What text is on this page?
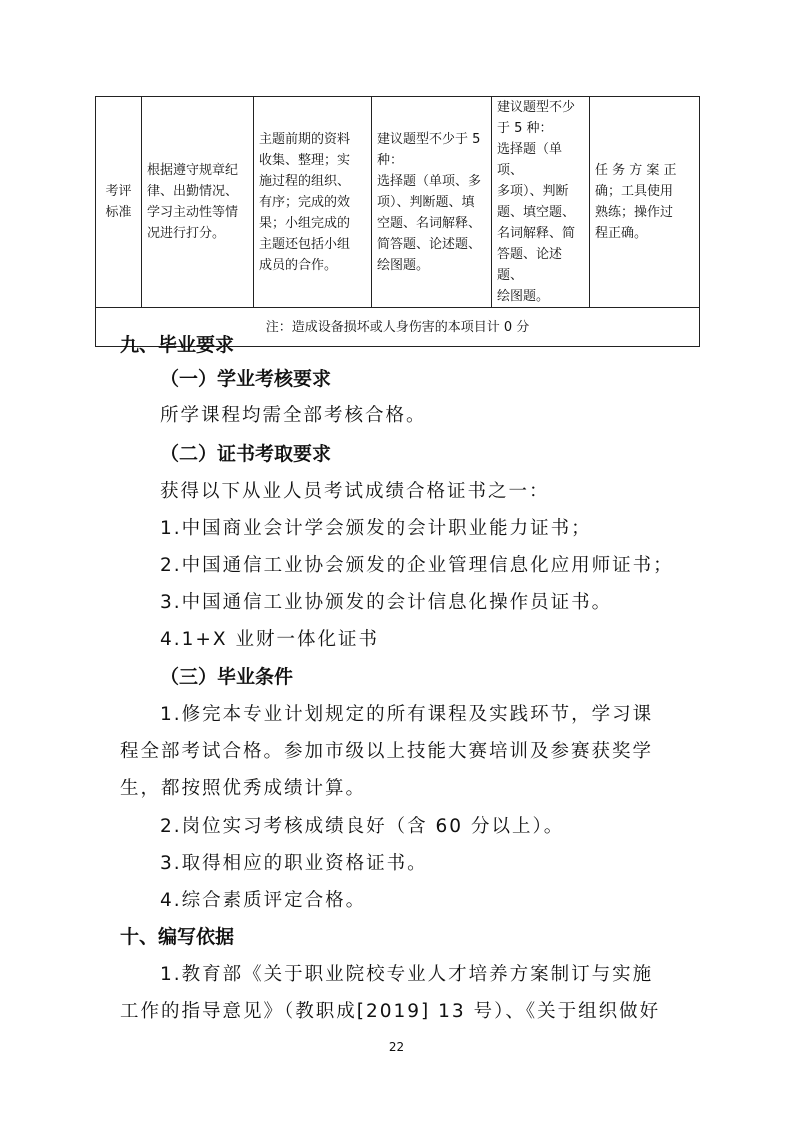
考评
标准

根据遵守规章纪
律、出勤情况、
学习主动性等情
况进行打分。

主题前期的资料
收集、整理；实
施过程的组织、
有序；完成的效
果；小组完成的
主题还包括小组
成员的合作。

建议题型不少于 5
种：
选择题（单项、多
项）、判断题、填
空题、名词解释、
简答题、论述题、
绘图题。

建议题型不少
于 5 种：
选择题（单项、
多项）、判断
题、填空题、
名词解释、简
答题、论述题、
绘图题。

任 务 方 案 正
确；工具使用
熟练；操作过
程正确。

注：造成设备损坏或人身伤害的本项目计 0 分
九、毕业要求
（一）学业考核要求
所学课程均需全部考核合格。
（二）证书考取要求
获得以下从业人员考试成绩合格证书之一：
1.中国商业会计学会颁发的会计职业能力证书；
2.中国通信工业协会颁发的企业管理信息化应用师证书；
3.中国通信工业协颁发的会计信息化操作员证书。
4.1+X 业财一体化证书
（三）毕业条件
1.修完本专业计划规定的所有课程及实践环节，学习课
程全部考试合格。参加市级以上技能大赛培训及参赛获奖学
生，都按照优秀成绩计算。
2.岗位实习考核成绩良好（含 60 分以上）。
3.取得相应的职业资格证书。
4.综合素质评定合格。
十、编写依据
1.教育部《关于职业院校专业人才培养方案制订与实施
工作的指导意见》（教职成[2019] 13 号）、《关于组织做好
22
